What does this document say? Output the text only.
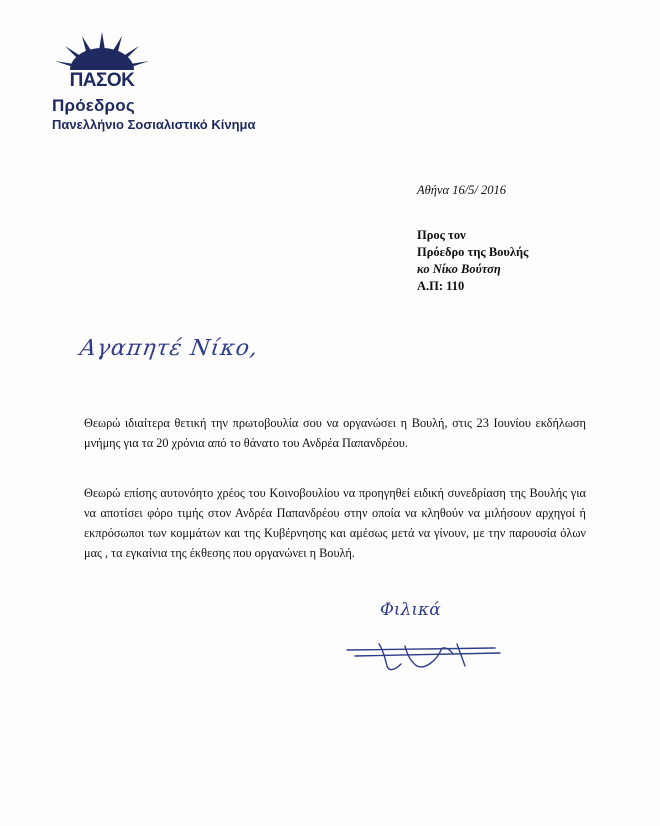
ΠΑΣΟΚ
Πρόεδρος
Πανελλήνιο Σοσιαλιστικό Κίνημα
Αθήνα 16/5/ 2016
Προς τον
Πρόεδρο της Βουλής
κο Νίκο Βούτση
Α.Π: 110
Αγαπητέ Νίκο,
Θεωρώ ιδιαίτερα θετική την πρωτοβουλία σου να οργανώσει η Βουλή, στις 23 Ιουνίου εκδήλωση μνήμης για τα 20 χρόνια από το θάνατο του Ανδρέα Παπανδρέου.
Θεωρώ επίσης αυτονόητο χρέος του Κοινοβουλίου να προηγηθεί ειδική συνεδρίαση της Βουλής για να αποτίσει φόρο τιμής στον Ανδρέα Παπανδρέου στην οποία να κληθούν να μιλήσουν αρχηγοί ή εκπρόσωποι των κομμάτων και της Κυβέρνησης και αμέσως μετά να γίνουν, με την παρουσία όλων μας , τα εγκαίνια της έκθεσης που οργανώνει η Βουλή.
Φιλικά
